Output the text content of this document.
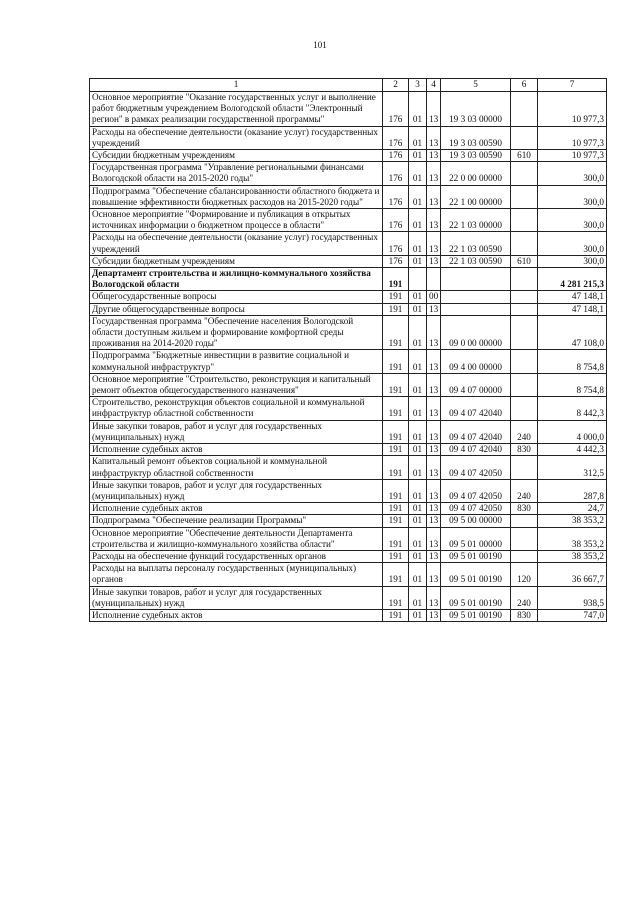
101
1	2	3	4	5	6	7
Основное мероприятие "Оказание государственных услуг и выполнение работ бюджетным учреждением Вологодской области "Электронный регион" в рамках реализации государственной программы"	176	01	13	19 3 03 00000		10 977,3
Расходы на обеспечение деятельности (оказание услуг) государственных учреждений	176	01	13	19 3 03 00590		10 977,3
Субсидии бюджетным учреждениям	176	01	13	19 3 03 00590	610	10 977,3
Государственная программа "Управление региональными финансами Вологодской области на 2015-2020 годы"	176	01	13	22 0 00 00000		300,0
Подпрограмма "Обеспечение сбалансированности областного бюджета и повышение эффективности бюджетных расходов на 2015-2020 годы"	176	01	13	22 1 00 00000		300,0
Основное мероприятие "Формирование и публикация в открытых источниках информации о бюджетном процессе в области"	176	01	13	22 1 03 00000		300,0
Расходы на обеспечение деятельности (оказание услуг) государственных учреждений	176	01	13	22 1 03 00590		300,0
Субсидии бюджетным учреждениям	176	01	13	22 1 03 00590	610	300,0
Департамент строительства и жилищно-коммунального хозяйства Вологодской области	191					4 281 215,3
Общегосударственные вопросы	191	01	00			47 148,1
Другие общегосударственные вопросы	191	01	13			47 148,1
Государственная программа "Обеспечение населения Вологодской области доступным жильем и формирование комфортной среды проживания на 2014-2020 годы"	191	01	13	09 0 00 00000		47 108,0
Подпрограмма "Бюджетные инвестиции в развитие социальной и коммунальной инфраструктур"	191	01	13	09 4 00 00000		8 754,8
Основное мероприятие "Строительство, реконструкция и капитальный ремонт объектов общегосударственного назначения"	191	01	13	09 4 07 00000		8 754,8
Строительство, реконструкция объектов социальной и коммунальной инфраструктур областной собственности	191	01	13	09 4 07 42040		8 442,3
Иные закупки товаров, работ и услуг для государственных (муниципальных) нужд	191	01	13	09 4 07 42040	240	4 000,0
Исполнение судебных актов	191	01	13	09 4 07 42040	830	4 442,3
Капитальный ремонт объектов социальной и коммунальной инфраструктур областной собственности	191	01	13	09 4 07 42050		312,5
Иные закупки товаров, работ и услуг для государственных (муниципальных) нужд	191	01	13	09 4 07 42050	240	287,8
Исполнение судебных актов	191	01	13	09 4 07 42050	830	24,7
Подпрограмма "Обеспечение реализации Программы"	191	01	13	09 5 00 00000		38 353,2
Основное мероприятие "Обеспечение деятельности Департамента строительства и жилищно-коммунального хозяйства области"	191	01	13	09 5 01 00000		38 353,2
Расходы на обеспечение функций государственных органов	191	01	13	09 5 01 00190		38 353,2
Расходы на выплаты персоналу государственных (муниципальных) органов	191	01	13	09 5 01 00190	120	36 667,7
Иные закупки товаров, работ и услуг для государственных (муниципальных) нужд	191	01	13	09 5 01 00190	240	938,5
Исполнение судебных актов	191	01	13	09 5 01 00190	830	747,0
